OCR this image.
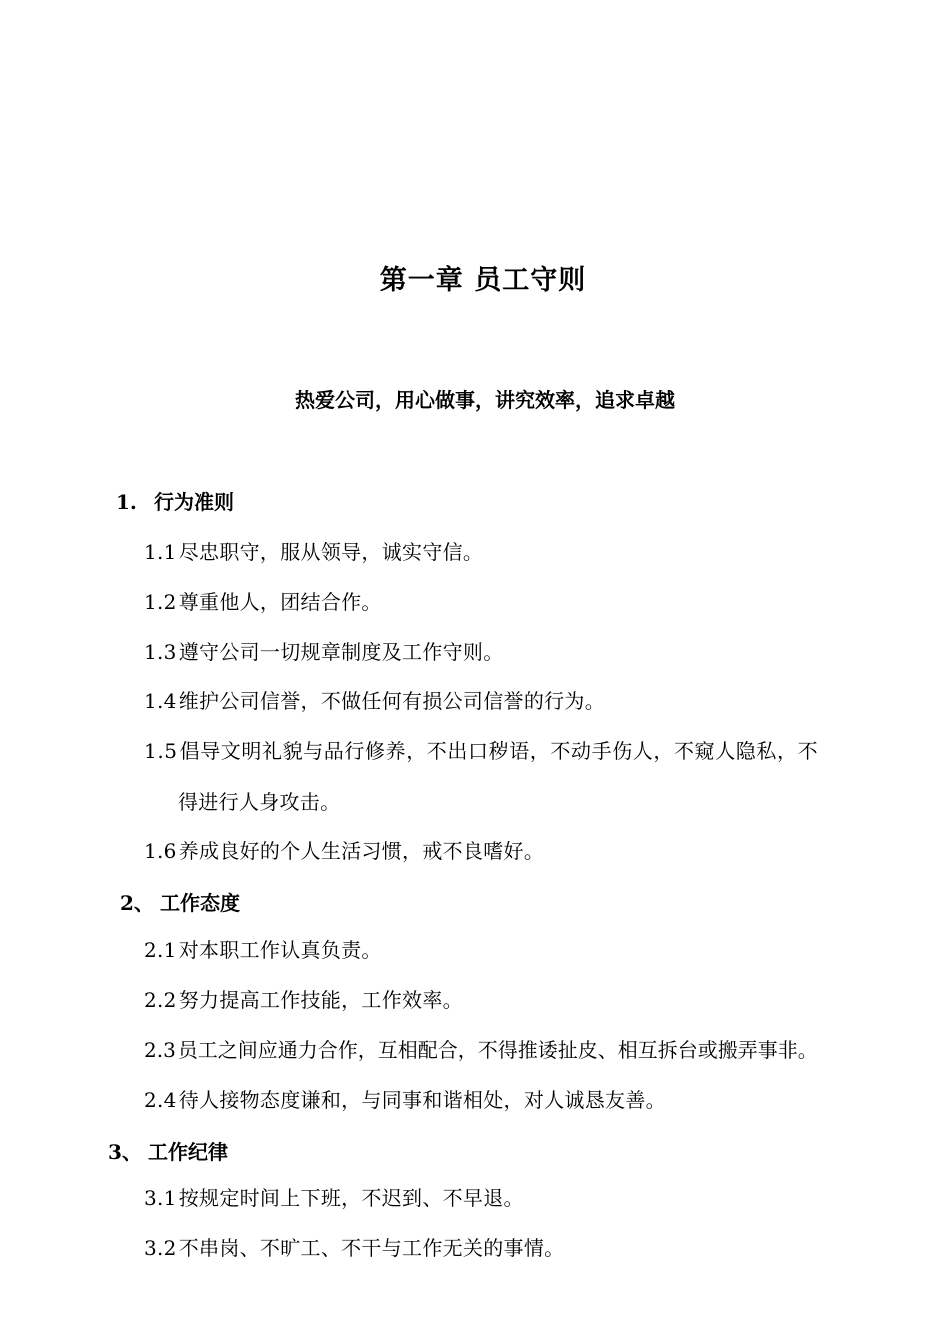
第一章 员工守则
热爱公司，用心做事，讲究效率，追求卓越
1. 行为准则
1.1 尽忠职守，服从领导，诚实守信。
1.2 尊重他人，团结合作。
1.3 遵守公司一切规章制度及工作守则。
1.4 维护公司信誉，不做任何有损公司信誉的行为。
1.5 倡导文明礼貌与品行修养，不出口秽语，不动手伤人，不窥人隐私，不
得进行人身攻击。
1.6 养成良好的个人生活习惯，戒不良嗜好。
2、 工作态度
2.1 对本职工作认真负责。
2.2 努力提高工作技能，工作效率。
2.3 员工之间应通力合作，互相配合，不得推诿扯皮、相互拆台或搬弄事非。
2.4 待人接物态度谦和，与同事和谐相处，对人诚恳友善。
3、 工作纪律
3.1 按规定时间上下班，不迟到、不早退。
3.2 不串岗、不旷工、不干与工作无关的事情。
